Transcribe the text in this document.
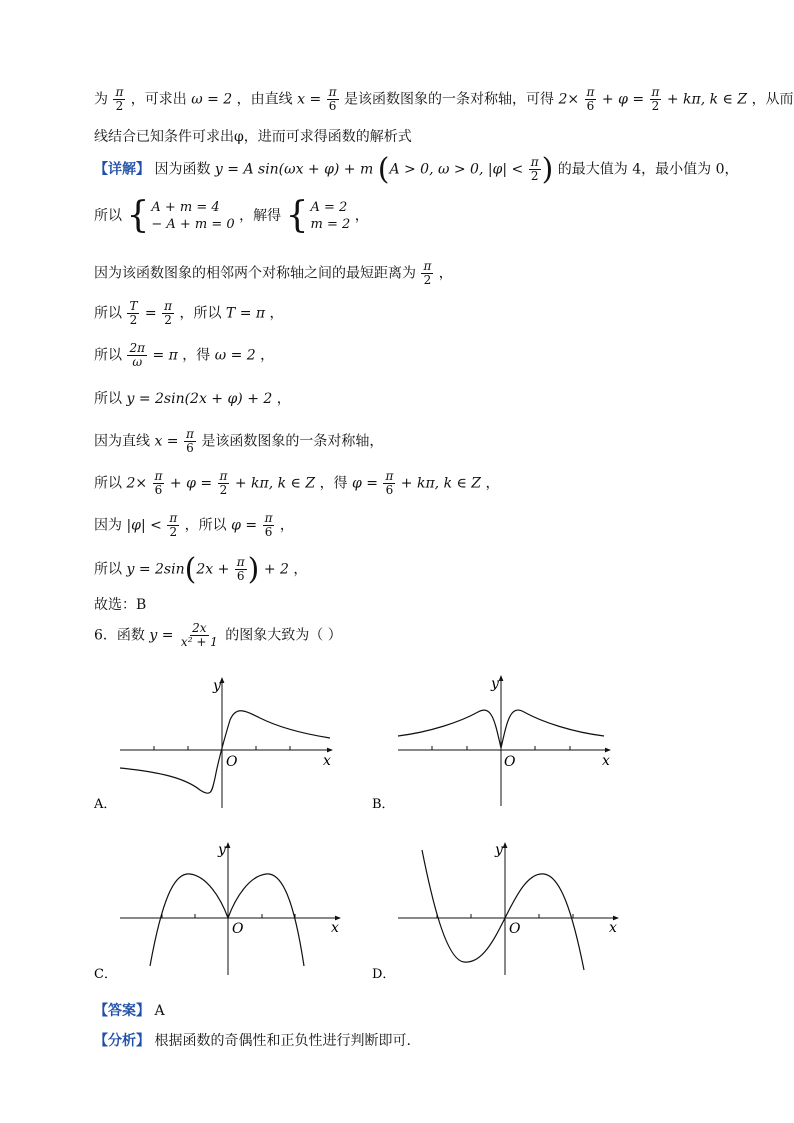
为 $\frac{\pi}{2}$ ，可求出 ω = 2 ，由直线 $x = \frac{\pi}{6}$ 是该函数图象的一条对称轴，可得 $2\times \frac{\pi}{6} + \varphi = \frac{\pi}{2} + k\pi$, k ∈ Z ，从而
线结合已知条件可求出φ，进而可求得函数的解析式
【详解】 因为函数 y = A sin(ωx + φ) + m (A > 0, ω > 0, $|\varphi| < \frac{\pi}{2}$ ) 的最大值为 4，最小值为 0，
所以 { A + m = 4
− A + m = 0
，解得 { A = 2
m = 2
，
因为该函数图象的相邻两个对称轴之间的最短距离为 $\frac{\pi}{2}$ ，
所以 $\frac{T}{2} = \frac{\pi}{2}$ ，所以 T = π ，
所以 $\frac{2\pi}{\omega} = \pi$ ，得 ω = 2 ，
所以 y = 2sin(2x + φ) + 2 ，
因为直线 $x = \frac{\pi}{6}$ 是该函数图象的一条对称轴，
所以 $2\times \frac{\pi}{6} + \varphi = \frac{\pi}{2} + k\pi$, k ∈ Z ，得 $\varphi = \frac{\pi}{6} + k\pi$, k ∈ Z ，
因为 $|\varphi| < \frac{\pi}{2}$ ，所以 $\varphi = \frac{\pi}{6}$ ，
所以 $y = 2\sin(2x + \frac{\pi}{6}$ ) + 2 ，
故选：B
6．函数 $y = \frac{2x}{\text{x² + 1}}$ 的图象大致为（ ）
y
x
O
A．
y
x
O
B．
y
x
O
C．
y
x
O
D．
【答案】 A
【分析】 根据函数的奇偶性和正负性进行判断即可.
